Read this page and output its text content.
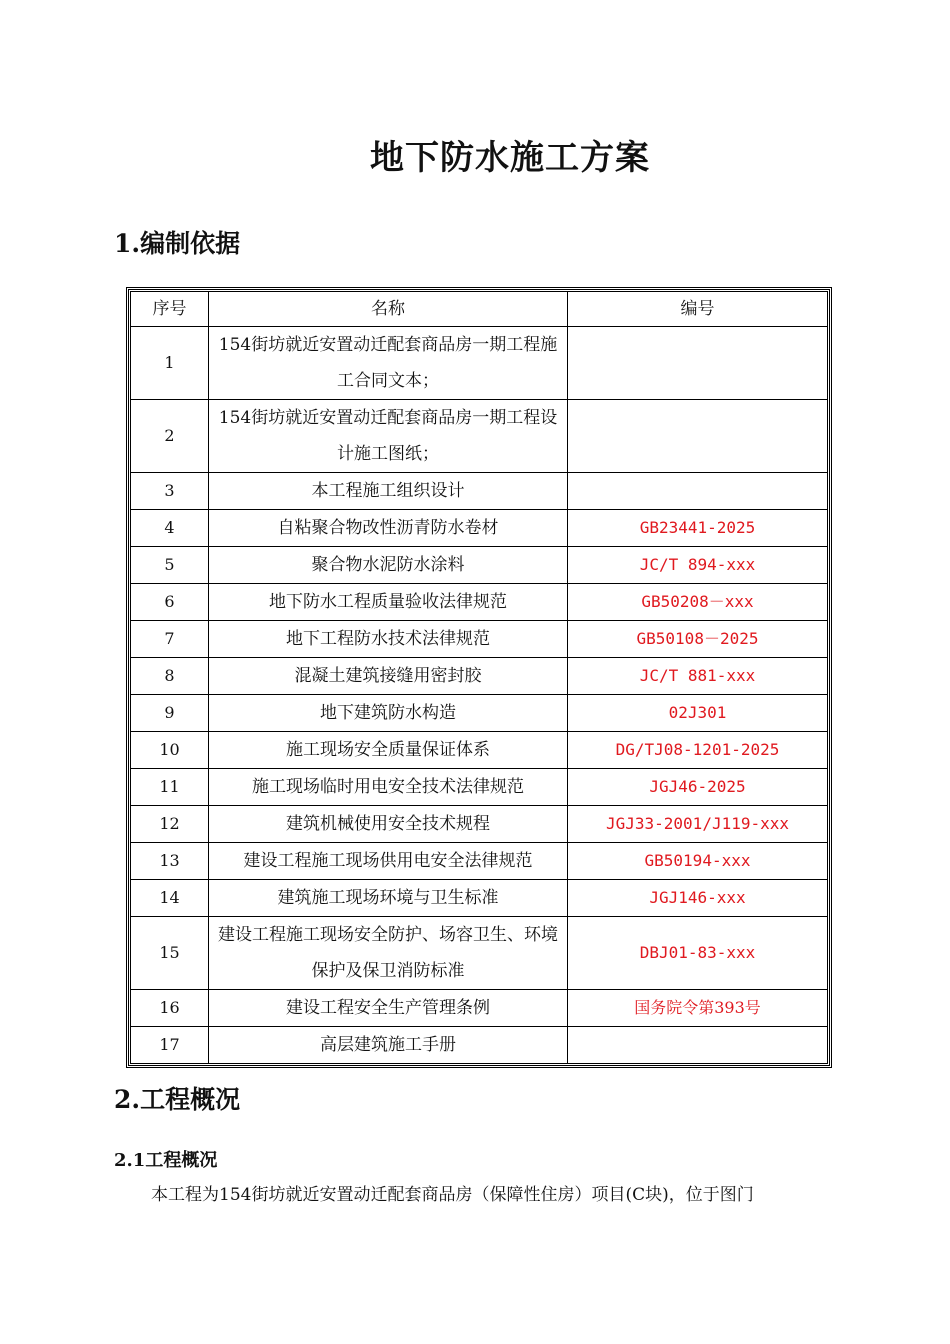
地下防水施工方案
1.编制依据
序号	名称	编号
1	154街坊就近安置动迁配套商品房一期工程施工合同文本；	
2	154街坊就近安置动迁配套商品房一期工程设计施工图纸；	
3	本工程施工组织设计	
4	自粘聚合物改性沥青防水卷材	GB23441-2025
5	聚合物水泥防水涂料	JC/T 894-xxx
6	地下防水工程质量验收法律规范	GB50208－xxx
7	地下工程防水技术法律规范	GB50108－2025
8	混凝土建筑接缝用密封胶	JC/T 881-xxx
9	地下建筑防水构造	02J301
10	施工现场安全质量保证体系	DG/TJ08-1201-2025
11	施工现场临时用电安全技术法律规范	JGJ46-2025
12	建筑机械使用安全技术规程	JGJ33-2001/J119-xxx
13	建设工程施工现场供用电安全法律规范	GB50194-xxx
14	建筑施工现场环境与卫生标准	JGJ146-xxx
15	建设工程施工现场安全防护、场容卫生、环境保护及保卫消防标准	DBJ01-83-xxx
16	建设工程安全生产管理条例	国务院令第393号
17	高层建筑施工手册	
2.工程概况
2.1工程概况
本工程为154街坊就近安置动迁配套商品房（保障性住房）项目(C块)，位于图门
